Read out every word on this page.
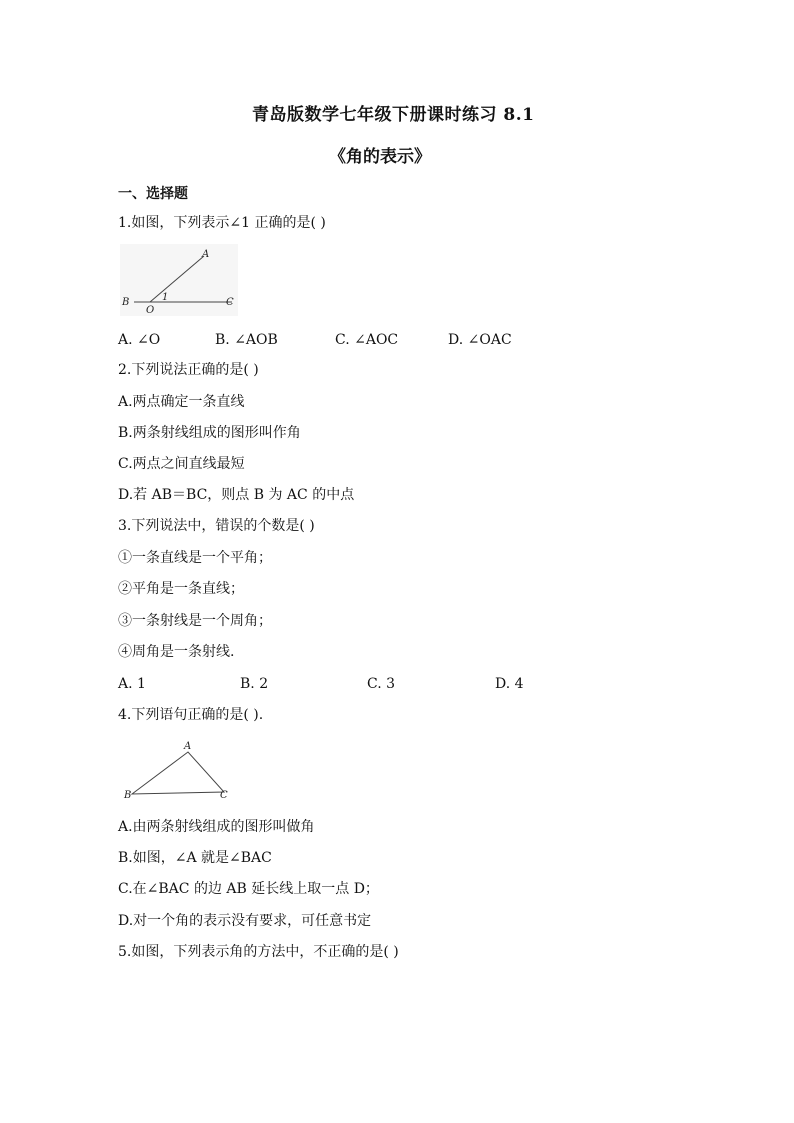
青岛版数学七年级下册课时练习 8.1
《角的表示》
一、选择题
1.如图，下列表示∠1 正确的是( )
A
B
O
1	C
A. ∠O	B. ∠AOB	C. ∠AOC	D. ∠OAC
2.下列说法正确的是( )
A.两点确定一条直线
B.两条射线组成的图形叫作角
C.两点之间直线最短
D.若 AB＝BC，则点 B 为 AC 的中点
3.下列说法中，错误的个数是( )
①一条直线是一个平角；
②平角是一条直线；
③一条射线是一个周角；
④周角是一条射线.
A. 1	B. 2	C. 3	D. 4
4.下列语句正确的是( ).
A
B	C
A.由两条射线组成的图形叫做角
B.如图，∠A 就是∠BAC
C.在∠BAC 的边 AB 延长线上取一点 D；
D.对一个角的表示没有要求，可任意书定
5.如图，下列表示角的方法中，不正确的是( )
